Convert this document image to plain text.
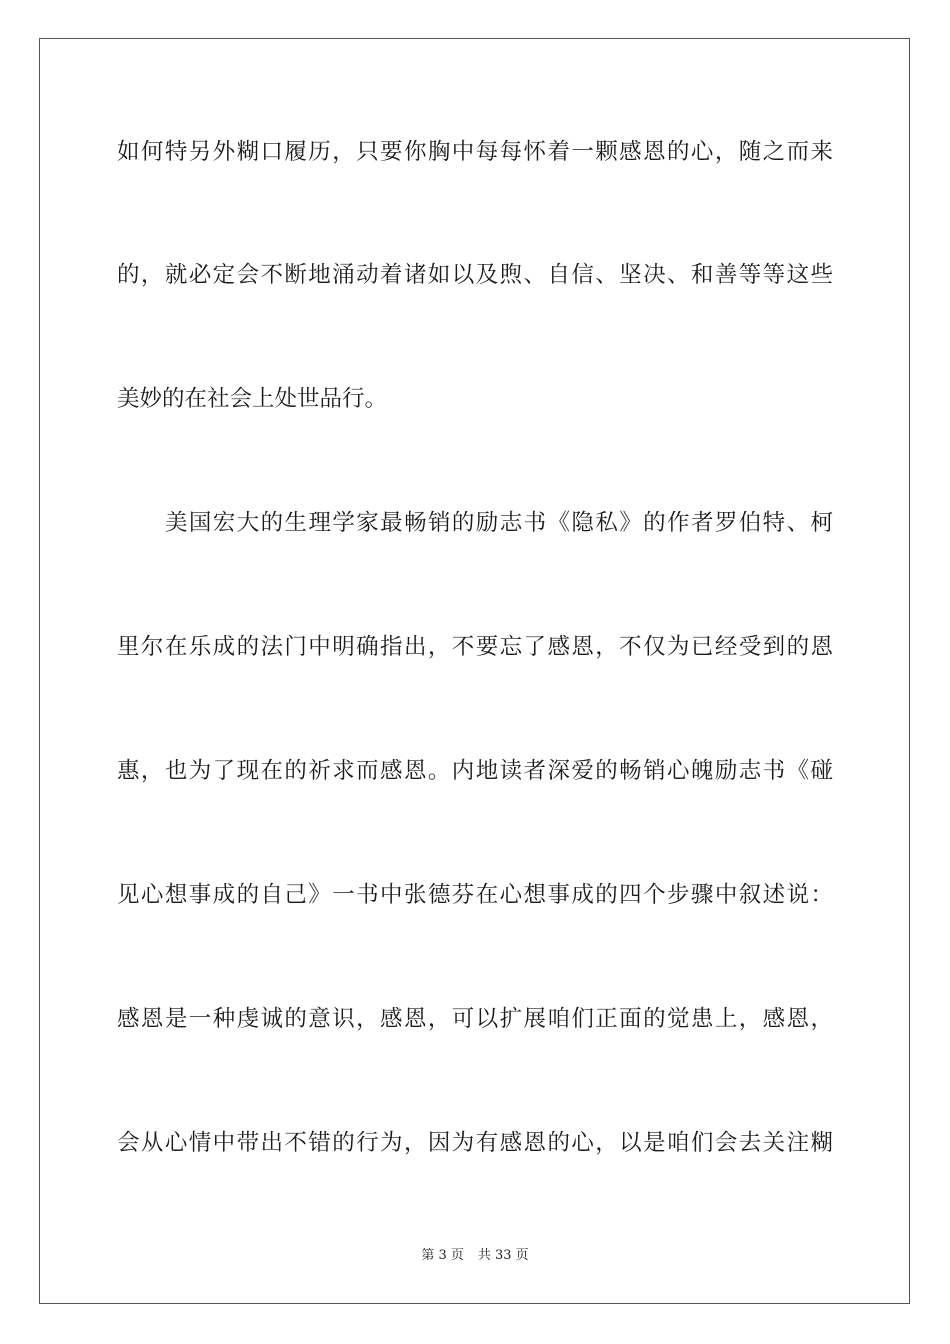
如何特另外糊口履历，只要你胸中每每怀着一颗感恩的心，随之而来
的，就必定会不断地涌动着诸如以及煦、自信、坚决、和善等等这些
美妙的在社会上处世品行。
美国宏大的生理学家最畅销的励志书《隐私》的作者罗伯特、柯
里尔在乐成的法门中明确指出，不要忘了感恩，不仅为已经受到的恩
惠，也为了现在的祈求而感恩。内地读者深爱的畅销心魄励志书《碰
见心想事成的自己》一书中张德芬在心想事成的四个步骤中叙述说：
感恩是一种虔诚的意识，感恩，可以扩展咱们正面的觉患上，感恩，
会从心情中带出不错的行为，因为有感恩的心，以是咱们会去关注糊
第 3 页 共 33 页
